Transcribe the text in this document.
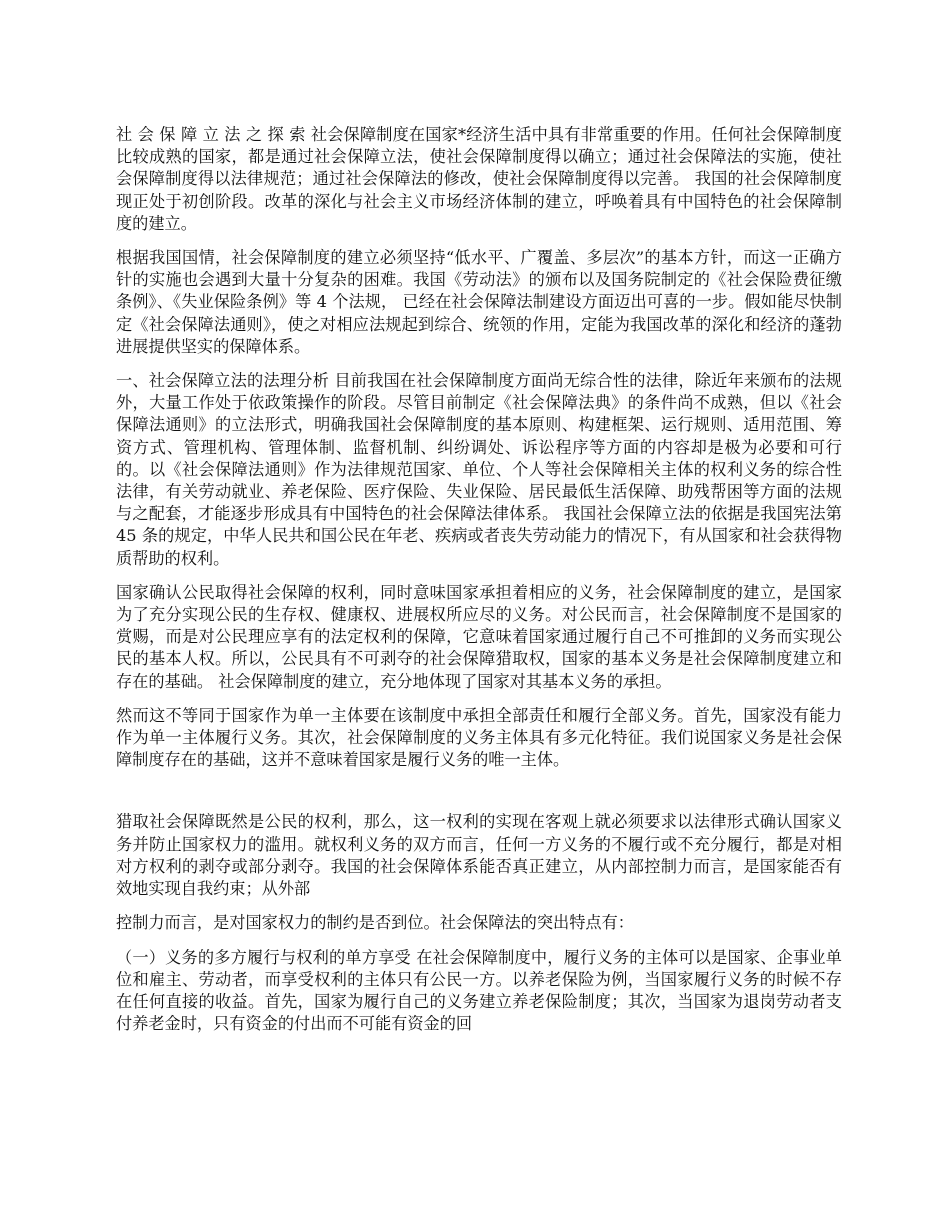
社 会 保 障 立 法 之 探 索 社会保障制度在国家*经济生活中具有非常重要的作用。任何社会保障制度比较成熟的国家，都是通过社会保障立法，使社会保障制度得以确立；通过社会保障法的实施，使社会保障制度得以法律规范；通过社会保障法的修改，使社会保障制度得以完善。 我国的社会保障制度现正处于初创阶段。改革的深化与社会主义市场经济体制的建立，呼唤着具有中国特色的社会保障制度的建立。

根据我国国情，社会保障制度的建立必须坚持“低水平、广覆盖、多层次”的基本方针，而这一正确方针的实施也会遇到大量十分复杂的困难。我国《劳动法》的颁布以及国务院制定的《社会保险费征缴条例》、《失业保险条例》等 4 个法规， 已经在社会保障法制建设方面迈出可喜的一步。假如能尽快制定《社会保障法通则》，使之对相应法规起到综合、统领的作用，定能为我国改革的深化和经济的蓬勃进展提供坚实的保障体系。

一、社会保障立法的法理分析 目前我国在社会保障制度方面尚无综合性的法律，除近年来颁布的法规外，大量工作处于依政策操作的阶段。尽管目前制定《社会保障法典》的条件尚不成熟，但以《社会保障法通则》的立法形式，明确我国社会保障制度的基本原则、构建框架、运行规则、适用范围、筹资方式、管理机构、管理体制、监督机制、纠纷调处、诉讼程序等方面的内容却是极为必要和可行的。以《社会保障法通则》作为法律规范国家、单位、个人等社会保障相关主体的权利义务的综合性法律，有关劳动就业、养老保险、医疗保险、失业保险、居民最低生活保障、助残帮困等方面的法规与之配套，才能逐步形成具有中国特色的社会保障法律体系。 我国社会保障立法的依据是我国宪法第 45 条的规定，中华人民共和国公民在年老、疾病或者丧失劳动能力的情况下，有从国家和社会获得物质帮助的权利。

国家确认公民取得社会保障的权利，同时意味国家承担着相应的义务，社会保障制度的建立，是国家为了充分实现公民的生存权、健康权、进展权所应尽的义务。对公民而言，社会保障制度不是国家的赏赐，而是对公民理应享有的法定权利的保障，它意味着国家通过履行自己不可推卸的义务而实现公民的基本人权。所以，公民具有不可剥夺的社会保障猎取权，国家的基本义务是社会保障制度建立和存在的基础。 社会保障制度的建立，充分地体现了国家对其基本义务的承担。

然而这不等同于国家作为单一主体要在该制度中承担全部责任和履行全部义务。首先，国家没有能力作为单一主体履行义务。其次，社会保障制度的义务主体具有多元化特征。我们说国家义务是社会保障制度存在的基础，这并不意味着国家是履行义务的唯一主体。

猎取社会保障既然是公民的权利，那么，这一权利的实现在客观上就必须要求以法律形式确认国家义务并防止国家权力的滥用。就权利义务的双方而言，任何一方义务的不履行或不充分履行，都是对相对方权利的剥夺或部分剥夺。我国的社会保障体系能否真正建立，从内部控制力而言，是国家能否有效地实现自我约束；从外部

控制力而言，是对国家权力的制约是否到位。社会保障法的突出特点有：

（一）义务的多方履行与权利的单方享受 在社会保障制度中，履行义务的主体可以是国家、企事业单位和雇主、劳动者，而享受权利的主体只有公民一方。以养老保险为例，当国家履行义务的时候不存在任何直接的收益。首先，国家为履行自己的义务建立养老保险制度；其次，当国家为退岗劳动者支付养老金时，只有资金的付出而不可能有资金的回
